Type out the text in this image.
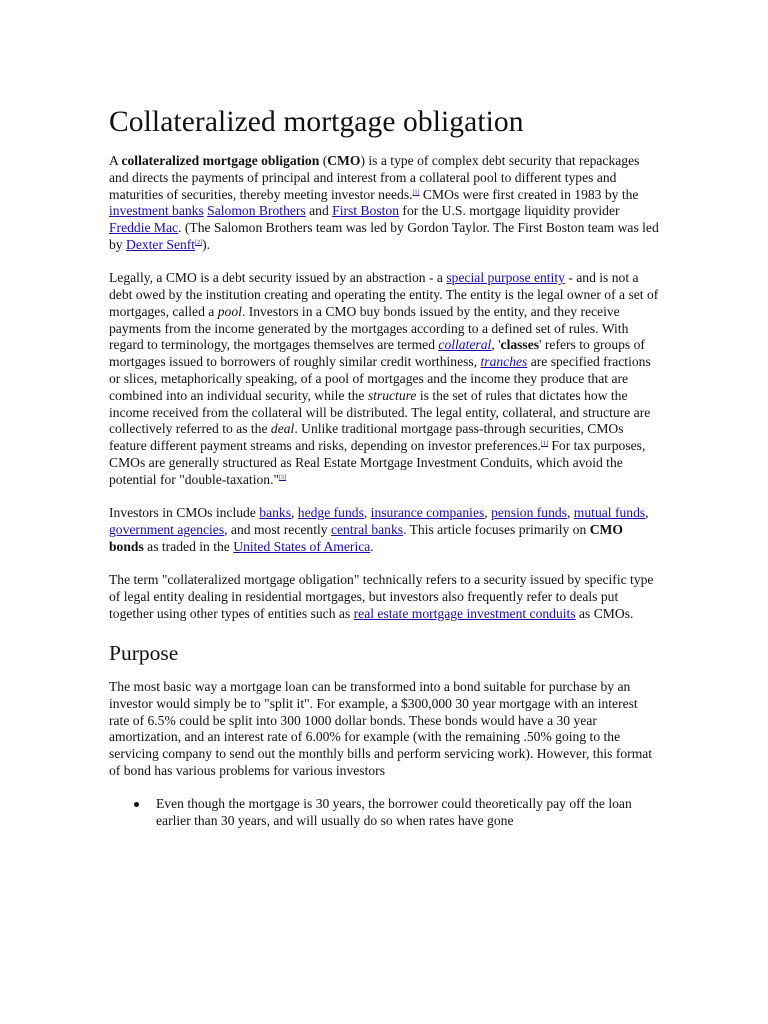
Collateralized mortgage obligation

A collateralized mortgage obligation (CMO) is a type of complex debt security that repackages and directs the payments of principal and interest from a collateral pool to different types and maturities of securities, thereby meeting investor needs.[1] CMOs were first created in 1983 by the investment banks Salomon Brothers and First Boston for the U.S. mortgage liquidity provider Freddie Mac. (The Salomon Brothers team was led by Gordon Taylor. The First Boston team was led by Dexter Senft[2]).

Legally, a CMO is a debt security issued by an abstraction - a special purpose entity - and is not a debt owed by the institution creating and operating the entity. The entity is the legal owner of a set of mortgages, called a pool. Investors in a CMO buy bonds issued by the entity, and they receive payments from the income generated by the mortgages according to a defined set of rules. With regard to terminology, the mortgages themselves are termed collateral, 'classes' refers to groups of mortgages issued to borrowers of roughly similar credit worthiness, tranches are specified fractions or slices, metaphorically speaking, of a pool of mortgages and the income they produce that are combined into an individual security, while the structure is the set of rules that dictates how the income received from the collateral will be distributed. The legal entity, collateral, and structure are collectively referred to as the deal. Unlike traditional mortgage pass-through securities, CMOs feature different payment streams and risks, depending on investor preferences.[1] For tax purposes, CMOs are generally structured as Real Estate Mortgage Investment Conduits, which avoid the potential for "double-taxation."[3]

Investors in CMOs include banks, hedge funds, insurance companies, pension funds, mutual funds, government agencies, and most recently central banks. This article focuses primarily on CMO bonds as traded in the United States of America.

The term "collateralized mortgage obligation" technically refers to a security issued by specific type of legal entity dealing in residential mortgages, but investors also frequently refer to deals put together using other types of entities such as real estate mortgage investment conduits as CMOs.

Purpose

The most basic way a mortgage loan can be transformed into a bond suitable for purchase by an investor would simply be to "split it". For example, a $300,000 30 year mortgage with an interest rate of 6.5% could be split into 300 1000 dollar bonds. These bonds would have a 30 year amortization, and an interest rate of 6.00% for example (with the remaining .50% going to the servicing company to send out the monthly bills and perform servicing work). However, this format of bond has various problems for various investors

Even though the mortgage is 30 years, the borrower could theoretically pay off the loan earlier than 30 years, and will usually do so when rates have gone
